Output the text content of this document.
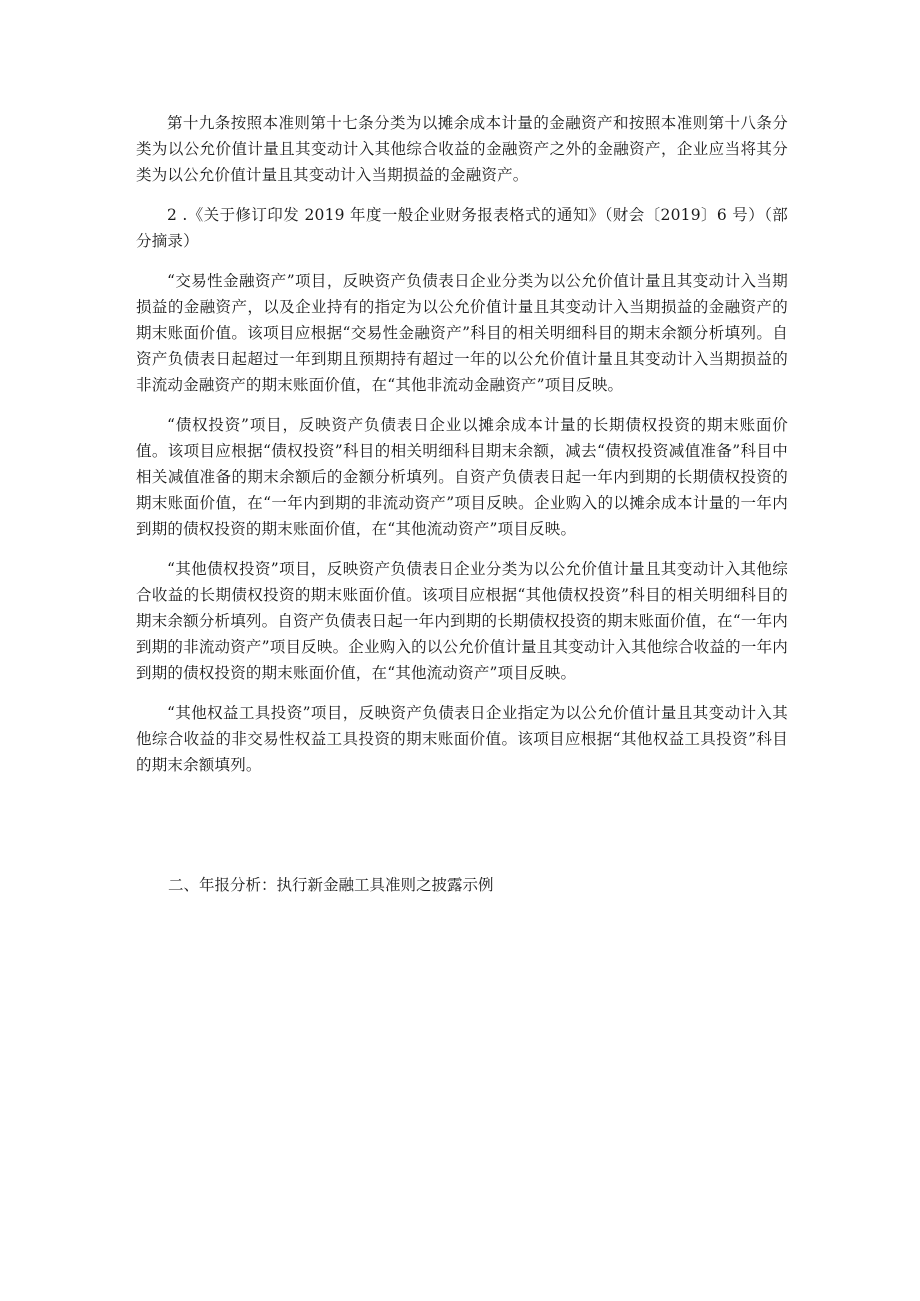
第十九条按照本准则第十七条分类为以摊余成本计量的金融资产和按照本准则第十八条分类为以公允价值计量且其变动计入其他综合收益的金融资产之外的金融资产，企业应当将其分类为以公允价值计量且其变动计入当期损益的金融资产。

2 .《关于修订印发 2019 年度一般企业财务报表格式的通知》（财会〔2019〕6 号）（部分摘录）

“交易性金融资产”项目，反映资产负债表日企业分类为以公允价值计量且其变动计入当期损益的金融资产，以及企业持有的指定为以公允价值计量且其变动计入当期损益的金融资产的期末账面价值。该项目应根据“交易性金融资产”科目的相关明细科目的期末余额分析填列。自资产负债表日起超过一年到期且预期持有超过一年的以公允价值计量且其变动计入当期损益的非流动金融资产的期末账面价值，在“其他非流动金融资产”项目反映。

“债权投资”项目，反映资产负债表日企业以摊余成本计量的长期债权投资的期末账面价值。该项目应根据“债权投资”科目的相关明细科目期末余额，减去“债权投资减值准备”科目中相关减值准备的期末余额后的金额分析填列。自资产负债表日起一年内到期的长期债权投资的期末账面价值，在“一年内到期的非流动资产”项目反映。企业购入的以摊余成本计量的一年内到期的债权投资的期末账面价值，在“其他流动资产”项目反映。

“其他债权投资”项目，反映资产负债表日企业分类为以公允价值计量且其变动计入其他综合收益的长期债权投资的期末账面价值。该项目应根据“其他债权投资”科目的相关明细科目的期末余额分析填列。自资产负债表日起一年内到期的长期债权投资的期末账面价值，在“一年内到期的非流动资产”项目反映。企业购入的以公允价值计量且其变动计入其他综合收益的一年内到期的债权投资的期末账面价值，在“其他流动资产”项目反映。

“其他权益工具投资”项目，反映资产负债表日企业指定为以公允价值计量且其变动计入其他综合收益的非交易性权益工具投资的期末账面价值。该项目应根据“其他权益工具投资”科目的期末余额填列。

二、年报分析：执行新金融工具准则之披露示例
